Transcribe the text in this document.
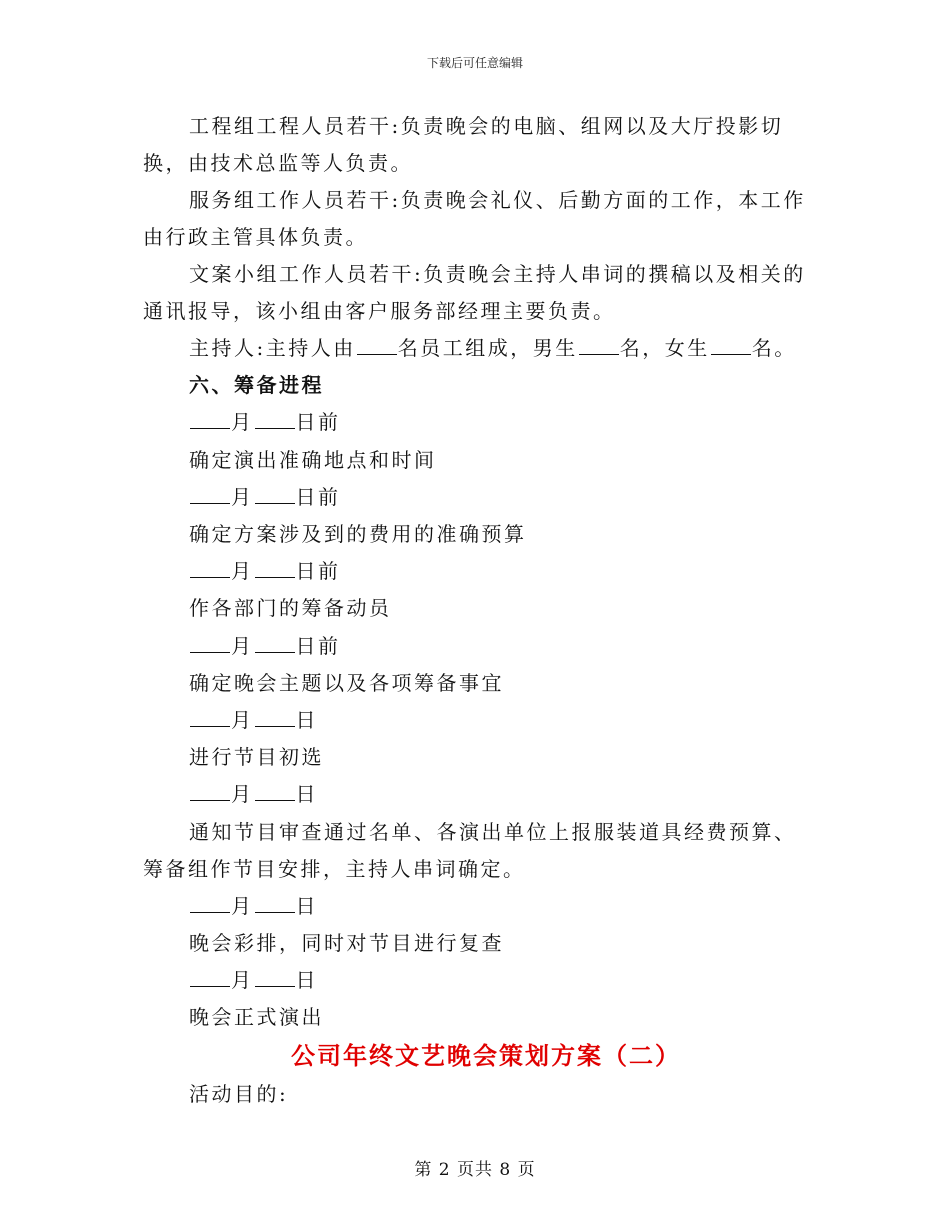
下载后可任意编辑

工程组工程人员若干:负责晚会的电脑、组网以及大厅投影切换，由技术总监等人负责。

服务组工作人员若干:负责晚会礼仪、后勤方面的工作，本工作由行政主管具体负责。

文案小组工作人员若干:负责晚会主持人串词的撰稿以及相关的通讯报导，该小组由客户服务部经理主要负责。

主持人:主持人由 名员工组成，男生 名，女生 名。

六、筹备进程

月 日前

确定演出准确地点和时间

月 日前

确定方案涉及到的费用的准确预算

月 日前

作各部门的筹备动员

月 日前

确定晚会主题以及各项筹备事宜

月 日

进行节目初选

月 日

通知节目审查通过名单、各演出单位上报服装道具经费预算、筹备组作节目安排，主持人串词确定。

月 日

晚会彩排，同时对节目进行复查

月 日

晚会正式演出

公司年终文艺晚会策划方案（二）

活动目的:

第 2 页共 8 页
